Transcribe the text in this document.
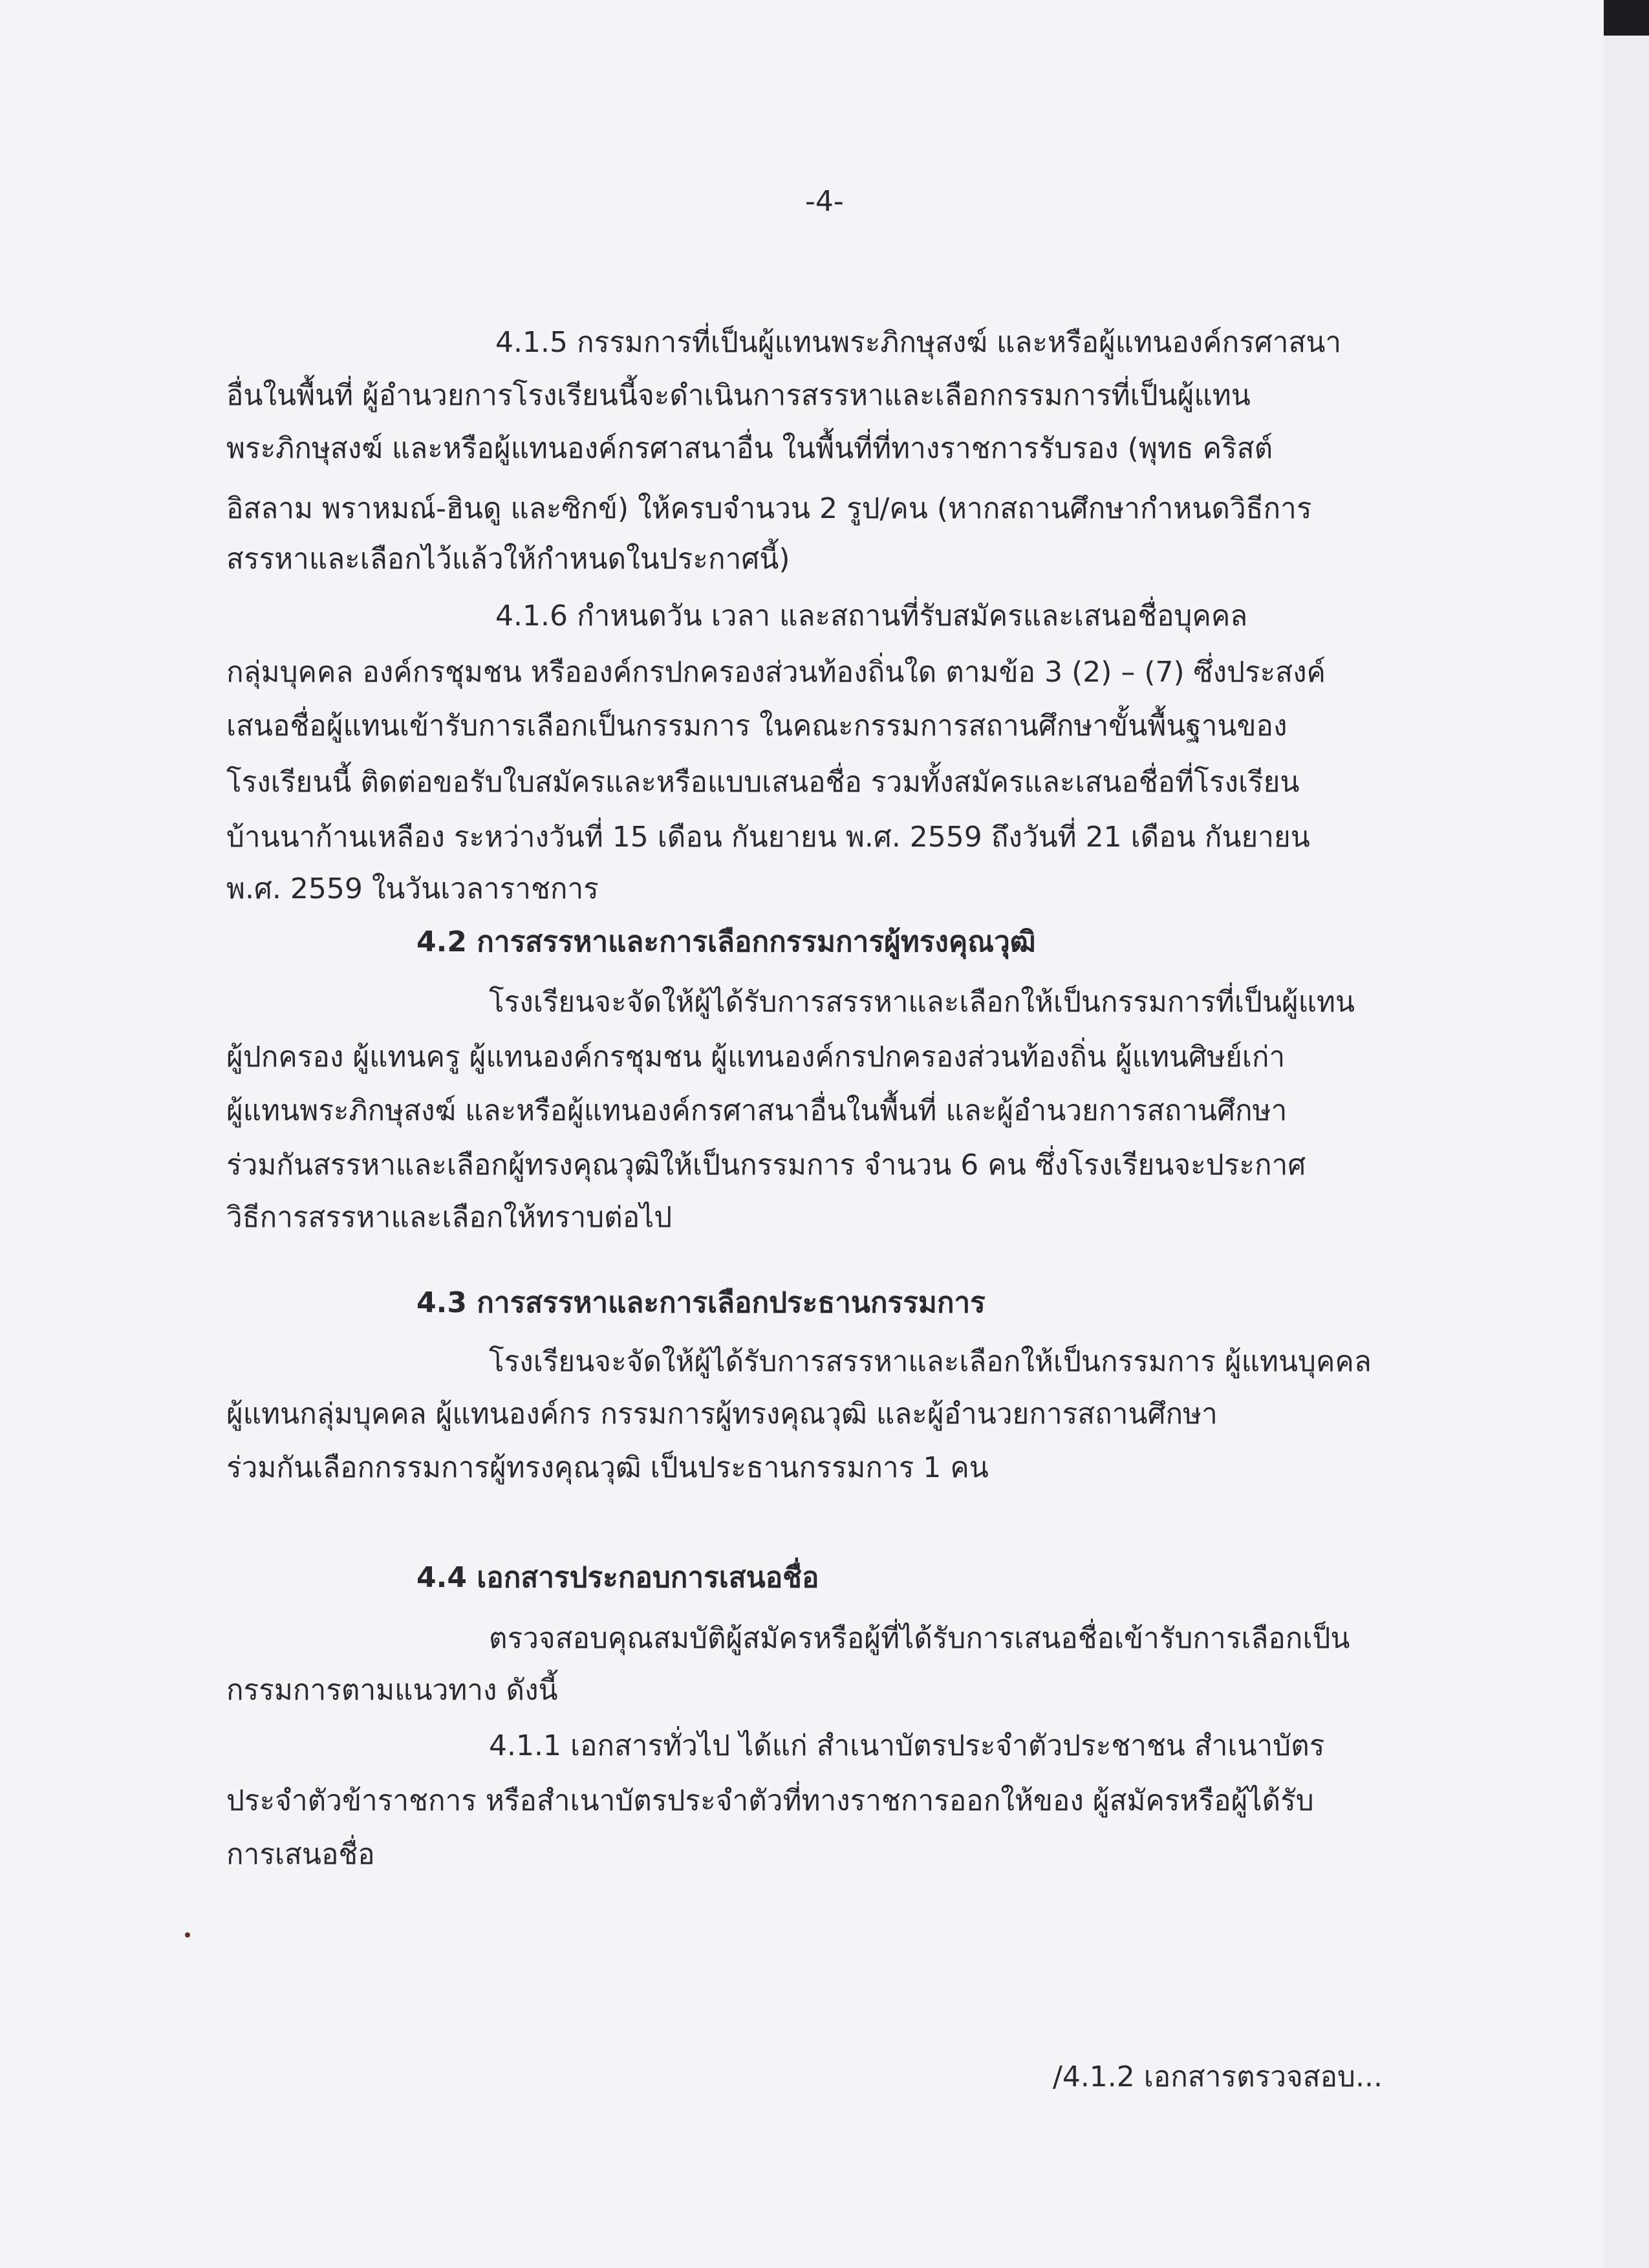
-4-
4.1.5 กรรมการที่เป็นผู้แทนพระภิกษุสงฆ์ และหรือผู้แทนองค์กรศาสนา
อื่นในพื้นที่ ผู้อำนวยการโรงเรียนนี้จะดำเนินการสรรหาและเลือกกรรมการที่เป็นผู้แทน
พระภิกษุสงฆ์ และหรือผู้แทนองค์กรศาสนาอื่น ในพื้นที่ที่ทางราชการรับรอง (พุทธ คริสต์
อิสลาม พราหมณ์-ฮินดู และซิกข์) ให้ครบจำนวน 2 รูป/คน (หากสถานศึกษากำหนดวิธีการ
สรรหาและเลือกไว้แล้วให้กำหนดในประกาศนี้)
4.1.6 กำหนดวัน เวลา และสถานที่รับสมัครและเสนอชื่อบุคคล
กลุ่มบุคคล องค์กรชุมชน หรือองค์กรปกครองส่วนท้องถิ่นใด ตามข้อ 3 (2) – (7) ซึ่งประสงค์
เสนอชื่อผู้แทนเข้ารับการเลือกเป็นกรรมการ ในคณะกรรมการสถานศึกษาขั้นพื้นฐานของ
โรงเรียนนี้ ติดต่อขอรับใบสมัครและหรือแบบเสนอชื่อ รวมทั้งสมัครและเสนอชื่อที่โรงเรียน
บ้านนาก้านเหลือง ระหว่างวันที่ 15 เดือน กันยายน พ.ศ. 2559 ถึงวันที่ 21 เดือน กันยายน
พ.ศ. 2559 ในวันเวลาราชการ
4.2 การสรรหาและการเลือกกรรมการผู้ทรงคุณวุฒิ
โรงเรียนจะจัดให้ผู้ได้รับการสรรหาและเลือกให้เป็นกรรมการที่เป็นผู้แทน
ผู้ปกครอง ผู้แทนครู ผู้แทนองค์กรชุมชน ผู้แทนองค์กรปกครองส่วนท้องถิ่น ผู้แทนศิษย์เก่า
ผู้แทนพระภิกษุสงฆ์ และหรือผู้แทนองค์กรศาสนาอื่นในพื้นที่ และผู้อำนวยการสถานศึกษา
ร่วมกันสรรหาและเลือกผู้ทรงคุณวุฒิให้เป็นกรรมการ จำนวน 6 คน ซึ่งโรงเรียนจะประกาศ
วิธีการสรรหาและเลือกให้ทราบต่อไป
4.3 การสรรหาและการเลือกประธานกรรมการ
โรงเรียนจะจัดให้ผู้ได้รับการสรรหาและเลือกให้เป็นกรรมการ ผู้แทนบุคคล
ผู้แทนกลุ่มบุคคล ผู้แทนองค์กร กรรมการผู้ทรงคุณวุฒิ และผู้อำนวยการสถานศึกษา
ร่วมกันเลือกกรรมการผู้ทรงคุณวุฒิ เป็นประธานกรรมการ 1 คน
4.4 เอกสารประกอบการเสนอชื่อ
ตรวจสอบคุณสมบัติผู้สมัครหรือผู้ที่ได้รับการเสนอชื่อเข้ารับการเลือกเป็น
กรรมการตามแนวทาง ดังนี้
4.1.1 เอกสารทั่วไป ได้แก่ สำเนาบัตรประจำตัวประชาชน สำเนาบัตร
ประจำตัวข้าราชการ หรือสำเนาบัตรประจำตัวที่ทางราชการออกให้ของ ผู้สมัครหรือผู้ได้รับ
การเสนอชื่อ
/4.1.2 เอกสารตรวจสอบ...
